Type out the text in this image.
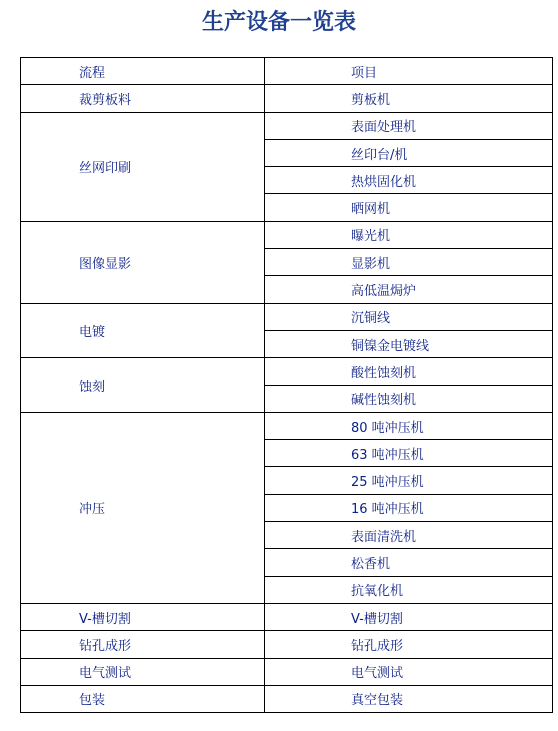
生产设备一览表
流程	项目	
裁剪板料	剪板机	
丝网印刷	表面处理机	
	丝印台/机	
	热烘固化机	
	晒网机	
图像显影	曝光机	
	显影机	
	高低温焗炉	
电镀	沉铜线	
	铜镍金电镀线	
蚀刻	酸性蚀刻机	
	碱性蚀刻机	
冲压	80 吨冲压机	
	63 吨冲压机	
	25 吨冲压机	
	16 吨冲压机	
	表面清洗机	
	松香机	
	抗氧化机	
V-槽切割	V-槽切割	
钻孔成形	钻孔成形	
电气测试	电气测试	
包装	真空包装	
